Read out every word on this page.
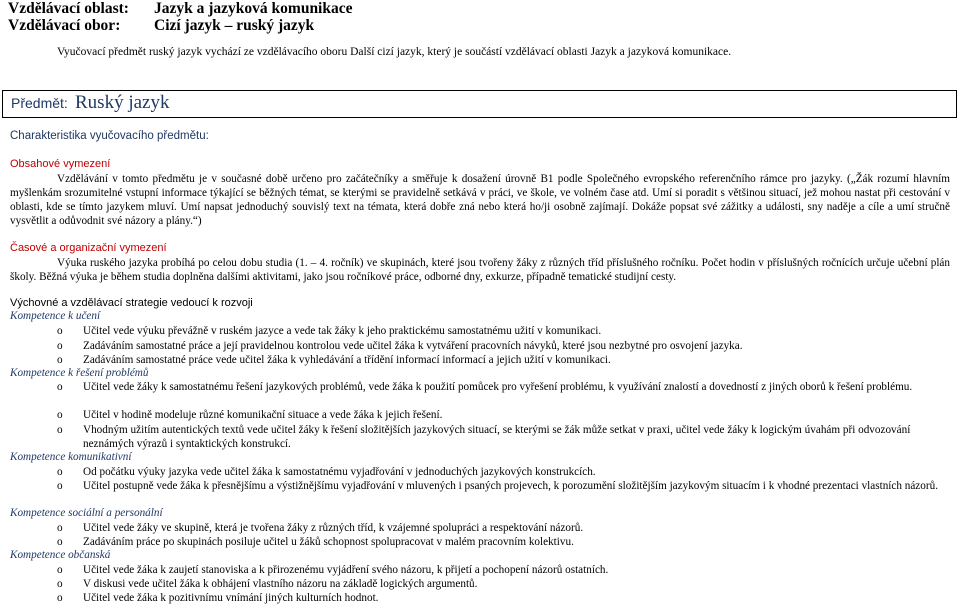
Vzdělávací oblast: Jazyk a jazyková komunikace
Vzdělávací obor: Cizí jazyk – ruský jazyk
Vyučovací předmět ruský jazyk vychází ze vzdělávacího oboru Další cizí jazyk, který je součástí vzdělávací oblasti Jazyk a jazyková komunikace.
Předmět: Ruský jazyk
Charakteristika vyučovacího předmětu:
Obsahové vymezení
Vzdělávání v tomto předmětu je v současné době určeno pro začátečníky a směřuje k dosažení úrovně B1 podle Společného evropského referenčního rámce pro jazyky. („Žák rozumí hlavním myšlenkám srozumitelné vstupní informace týkající se běžných témat, se kterými se pravidelně setkává v práci, ve škole, ve volném čase atd. Umí si poradit s většinou situací, jež mohou nastat při cestování v oblasti, kde se tímto jazykem mluví. Umí napsat jednoduchý souvislý text na témata, která dobře zná nebo která ho/ji osobně zajímají. Dokáže popsat své zážitky a události, sny naděje a cíle a umí stručně vysvětlit a odůvodnit své názory a plány.“)
Časové a organizační vymezení
Výuka ruského jazyka probíhá po celou dobu studia (1. – 4. ročník) ve skupinách, které jsou tvořeny žáky z různých tříd příslušného ročníku. Počet hodin v příslušných ročnících určuje učební plán školy. Běžná výuka je během studia doplněna dalšími aktivitami, jako jsou ročníkové práce, odborné dny, exkurze, případně tematické studijní cesty.
Výchovné a vzdělávací strategie vedoucí k rozvoji
Kompetence k učení
o Učitel vede výuku převážně v ruském jazyce a vede tak žáky k jeho praktickému samostatnému užití v komunikaci.
o Zadáváním samostatné práce a její pravidelnou kontrolou vede učitel žáka k vytváření pracovních návyků, které jsou nezbytné pro osvojení jazyka.
o Zadáváním samostatné práce vede učitel žáka k vyhledávání a třídění informací informací a jejich užití v komunikaci.
Kompetence k řešení problémů
o Učitel vede žáky k samostatnému řešení jazykových problémů, vede žáka k použití pomůcek pro vyřešení problému, k využívání znalostí a dovedností z jiných oborů k řešení problému.
o Učitel v hodině modeluje různé komunikační situace a vede žáka k jejich řešení.
o Vhodným užitím autentických textů vede učitel žáky k řešení složitějších jazykových situací, se kterými se žák může setkat v praxi, učitel vede žáky k logickým úvahám při odvozování neznámých výrazů i syntaktických konstrukcí.
Kompetence komunikativní
o Od počátku výuky jazyka vede učitel žáka k samostatnému vyjadřování v jednoduchých jazykových konstrukcích.
o Učitel postupně vede žáka k přesnějšímu a výstižnějšímu vyjadřování v mluvených i psaných projevech, k porozumění složitějším jazykovým situacím i k vhodné prezentaci vlastních názorů.
Kompetence sociální a personální
o Učitel vede žáky ve skupině, která je tvořena žáky z různých tříd, k vzájemné spolupráci a respektování názorů.
o Zadáváním práce po skupinách posiluje učitel u žáků schopnost spolupracovat v malém pracovním kolektivu.
Kompetence občanská
o Učitel vede žáka k zaujetí stanoviska a k přirozenému vyjádření svého názoru, k přijetí a pochopení názorů ostatních.
o V diskusi vede učitel žáka k obhájení vlastního názoru na základě logických argumentů.
o Učitel vede žáka k pozitivnímu vnímání jiných kulturních hodnot.
